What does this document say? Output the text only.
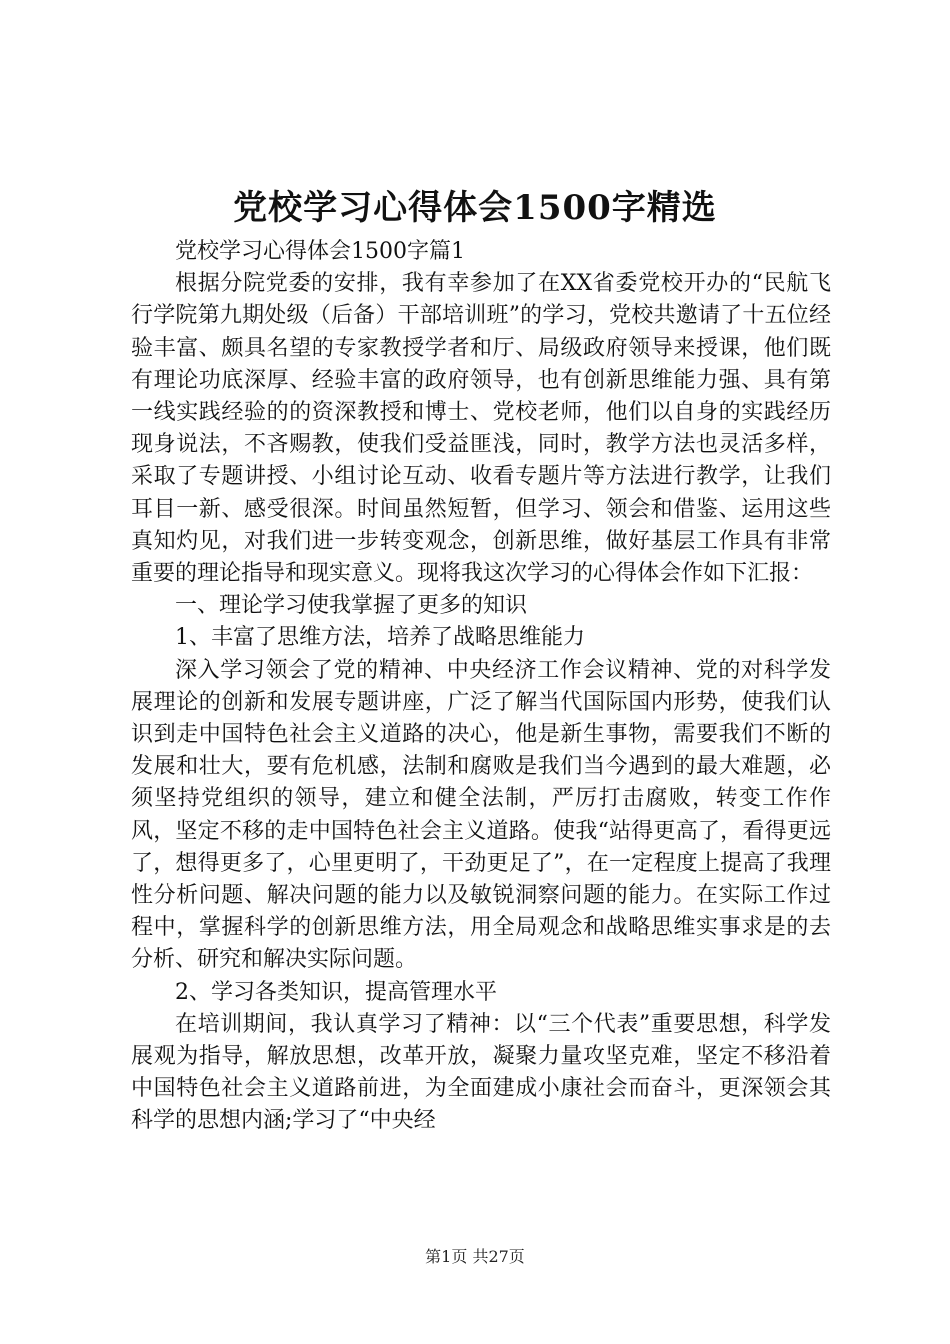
党校学习心得体会1500字精选

党校学习心得体会1500字篇1

根据分院党委的安排，我有幸参加了在XX省委党校开办的“民航飞行学院第九期处级（后备）干部培训班”的学习，党校共邀请了十五位经验丰富、颇具名望的专家教授学者和厅、局级政府领导来授课，他们既有理论功底深厚、经验丰富的政府领导，也有创新思维能力强、具有第一线实践经验的的资深教授和博士、党校老师，他们以自身的实践经历现身说法，不吝赐教，使我们受益匪浅，同时，教学方法也灵活多样，采取了专题讲授、小组讨论互动、收看专题片等方法进行教学，让我们耳目一新、感受很深。时间虽然短暂，但学习、领会和借鉴、运用这些真知灼见，对我们进一步转变观念，创新思维，做好基层工作具有非常重要的理论指导和现实意义。现将我这次学习的心得体会作如下汇报：

一、理论学习使我掌握了更多的知识

1、丰富了思维方法，培养了战略思维能力

深入学习领会了党的精神、中央经济工作会议精神、党的对科学发展理论的创新和发展专题讲座，广泛了解当代国际国内形势，使我们认识到走中国特色社会主义道路的决心，他是新生事物，需要我们不断的发展和壮大，要有危机感，法制和腐败是我们当今遇到的最大难题，必须坚持党组织的领导，建立和健全法制，严厉打击腐败，转变工作作风，坚定不移的走中国特色社会主义道路。使我“站得更高了，看得更远了，想得更多了，心里更明了，干劲更足了”，在一定程度上提高了我理性分析问题、解决问题的能力以及敏锐洞察问题的能力。在实际工作过程中，掌握科学的创新思维方法，用全局观念和战略思维实事求是的去分析、研究和解决实际问题。

2、学习各类知识，提高管理水平

在培训期间，我认真学习了精神：以“三个代表”重要思想，科学发展观为指导，解放思想，改革开放，凝聚力量攻坚克难，坚定不移沿着中国特色社会主义道路前进，为全面建成小康社会而奋斗，更深领会其科学的思想内涵;学习了“中央经

第1页 共27页
